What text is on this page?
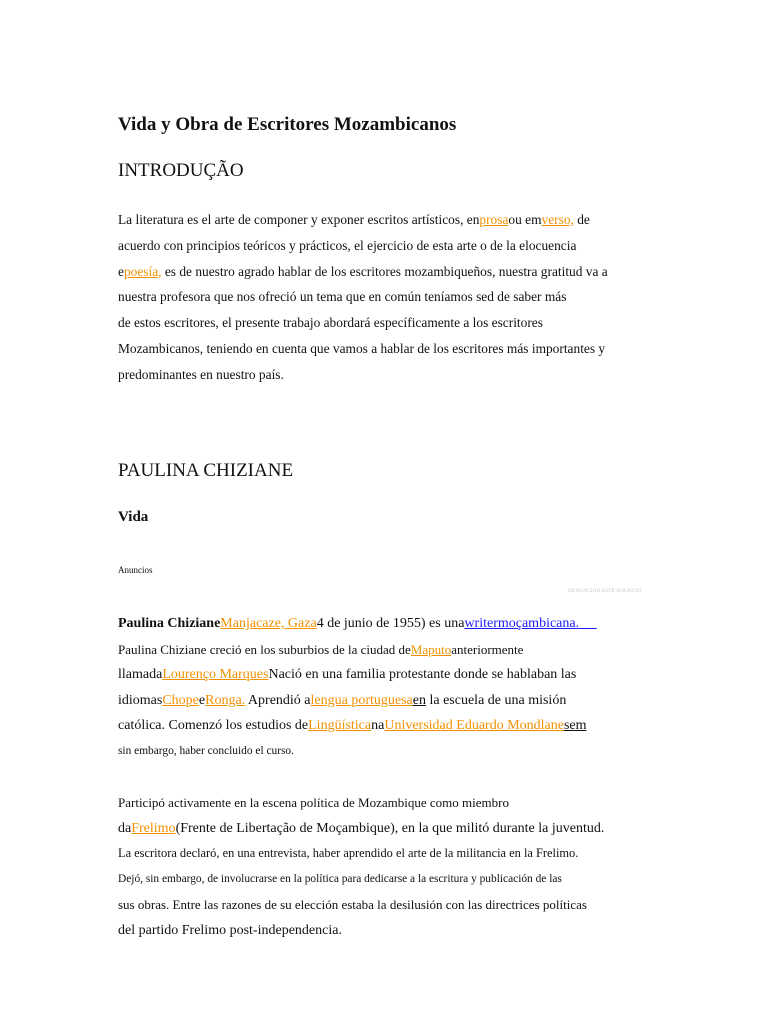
Vida y Obra de Escritores Mozambicanos
INTRODUÇÃO
La literatura es el arte de componer y exponer escritos artísticos, enprosaou emverso, de
acuerdo con principios teóricos y prácticos, el ejercicio de esta arte o de la elocuencia
epoesía, es de nuestro agrado hablar de los escritores mozambiqueños, nuestra gratitud va a
nuestra profesora que nos ofreció un tema que en común teníamos sed de saber más
de estos escritores, el presente trabajo abordará específicamente a los escritores
Mozambicanos, teniendo en cuenta que vamos a hablar de los escritores más importantes y
predominantes en nuestro país.
PAULINA CHIZIANE
Vida
Anuncios
DENUNCIAR ESTE ANUNCIO
Paulina ChizianeManjacaze, Gaza4 de junio de 1955) es unawritermoçambicana.
Paulina Chiziane creció en los suburbios de la ciudad deMaputoanteriormente
llamadaLourenço MarquesNació en una familia protestante donde se hablaban las
idiomasChopeeRonga. Aprendió alengua portuguesaen la escuela de una misión
católica. Comenzó los estudios deLingüísticanaUniversidad Eduardo Mondlanesem
sin embargo, haber concluido el curso.
Participó activamente en la escena política de Mozambique como miembro
daFrelimo(Frente de Libertação de Moçambique), en la que militó durante la juventud.
La escritora declaró, en una entrevista, haber aprendido el arte de la militancia en la Frelimo.
Dejó, sin embargo, de involucrarse en la política para dedicarse a la escritura y publicación de las
sus obras. Entre las razones de su elección estaba la desilusión con las directrices políticas
del partido Frelimo post-independencia.
